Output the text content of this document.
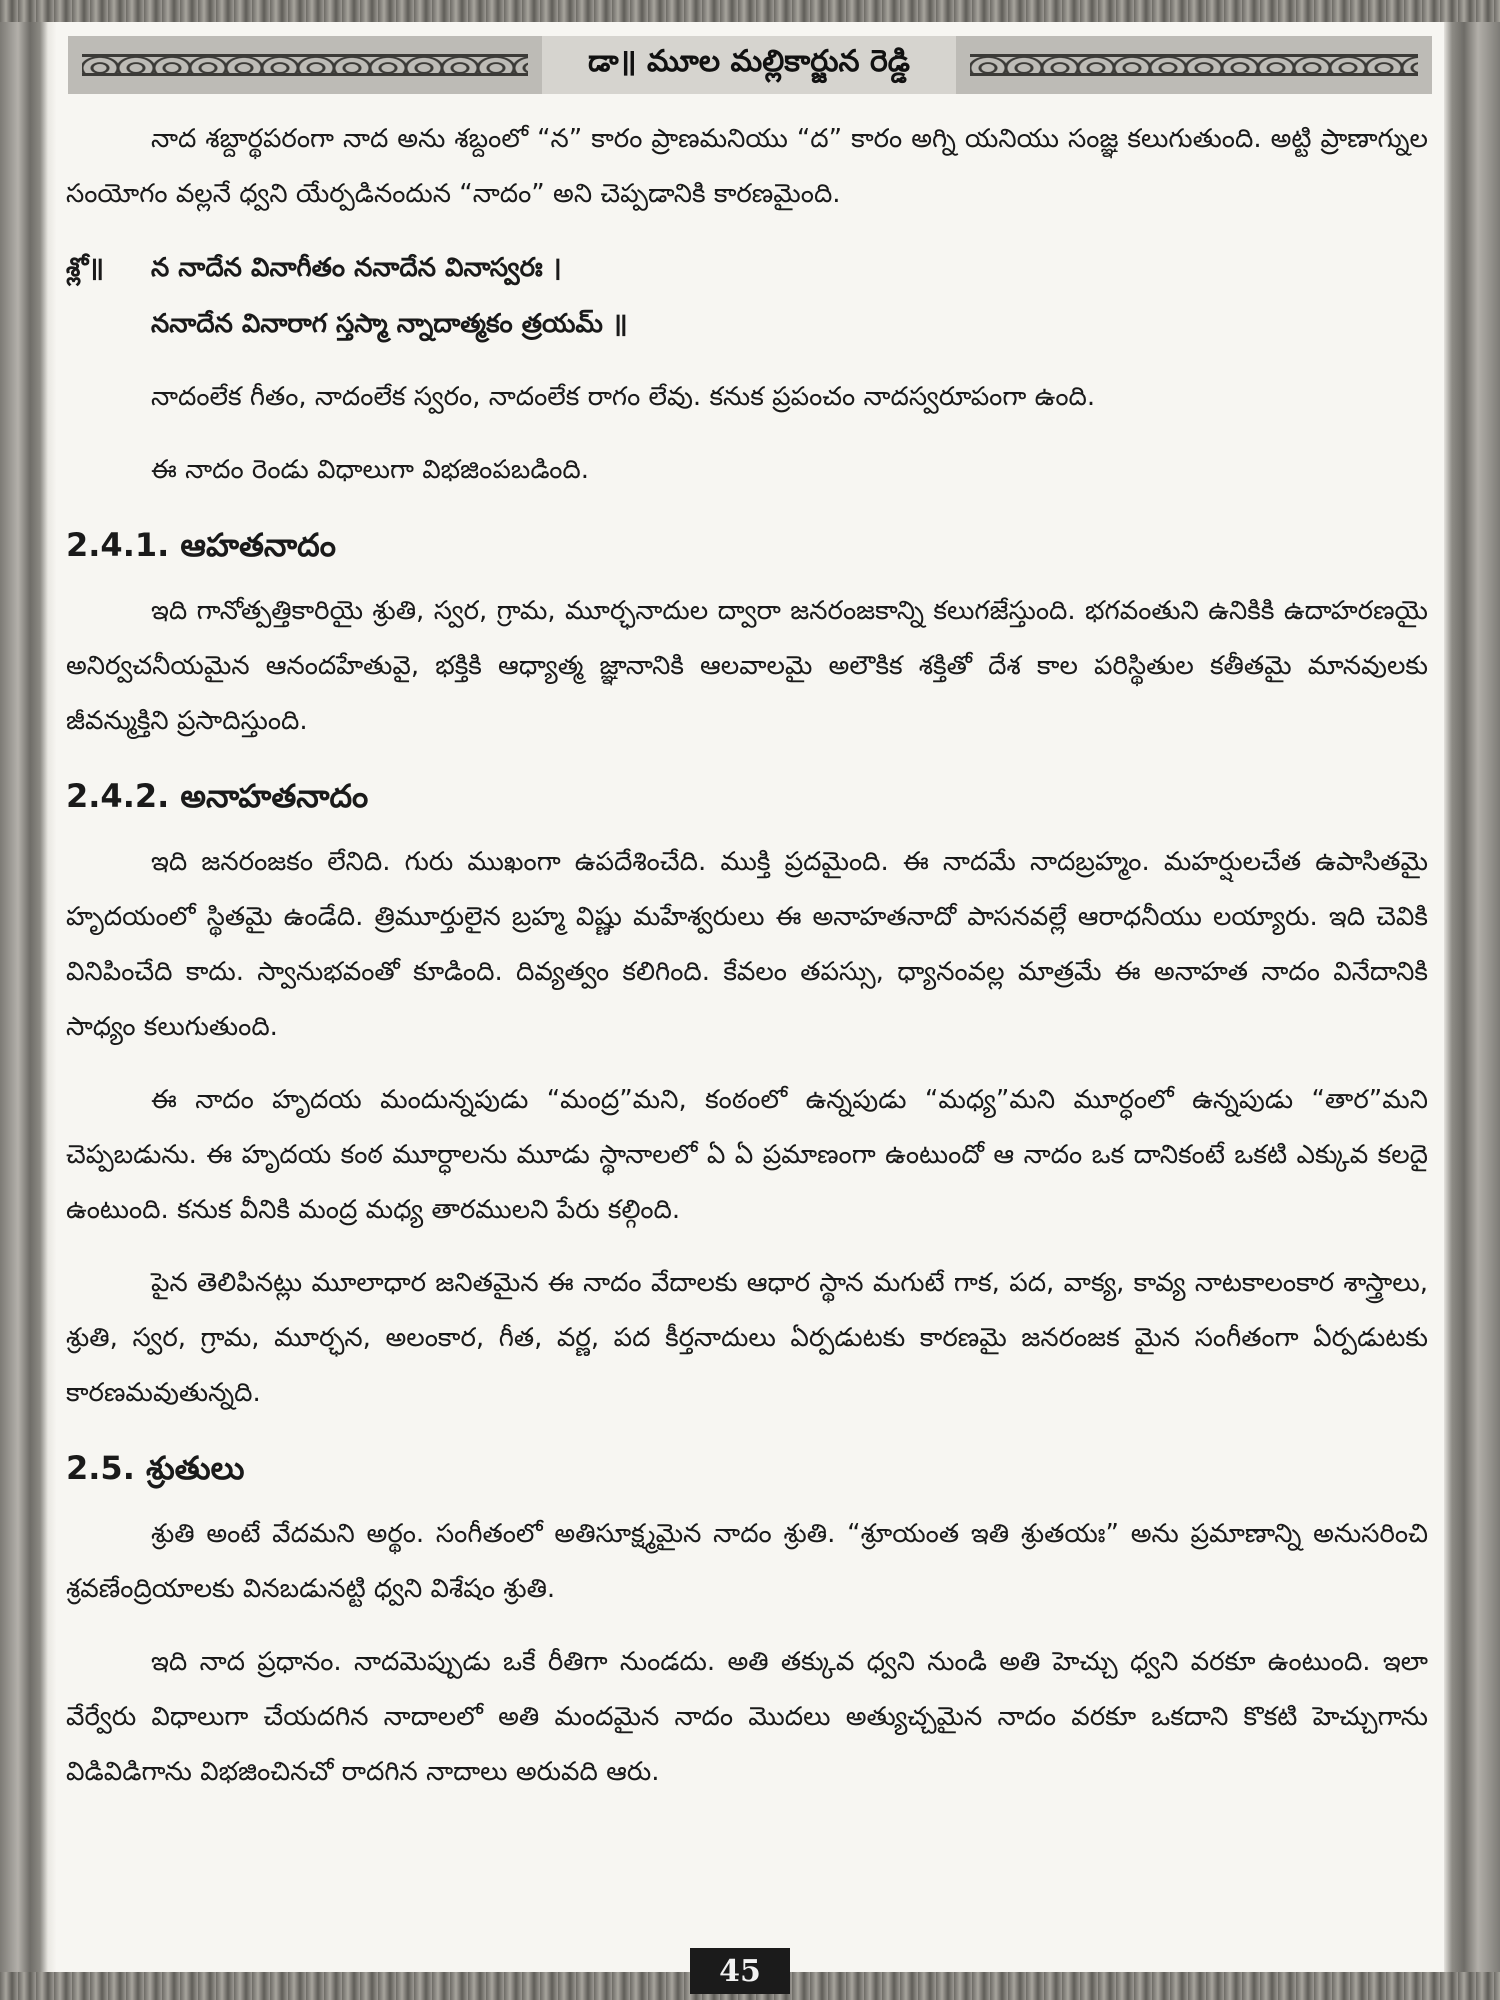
డా॥ మూల మల్లికార్జున రెడ్డి

నాద శబ్దార్థపరంగా నాద అను శబ్దంలో “న” కారం ప్రాణమనియు “ద” కారం అగ్ని యనియు సంజ్ఞ కలుగుతుంది. అట్టి ప్రాణాగ్నుల సంయోగం వల్లనే ధ్వని యేర్పడినందున “నాదం” అని చెప్పడానికి కారణమైంది.

శ్లో॥ న నాదేన వినాగీతం ననాదేన వినాస్వరః ।
ననాదేన వినారాగ స్తస్మా న్నాదాత్మకం త్రయమ్ ॥

నాదంలేక గీతం, నాదంలేక స్వరం, నాదంలేక రాగం లేవు. కనుక ప్రపంచం నాదస్వరూపంగా ఉంది.

ఈ నాదం రెండు విధాలుగా విభజింపబడింది.

2.4.1. ఆహతనాదం

ఇది గానోత్పత్తికారియై శ్రుతి, స్వర, గ్రామ, మూర్ఛనాదుల ద్వారా జనరంజకాన్ని కలుగజేస్తుంది. భగవంతుని ఉనికికి ఉదాహరణయై అనిర్వచనీయమైన ఆనందహేతువై, భక్తికి ఆధ్యాత్మ జ్ఞానానికి ఆలవాలమై అలౌకిక శక్తితో దేశ కాల పరిస్థితుల కతీతమై మానవులకు జీవన్ముక్తిని ప్రసాదిస్తుంది.

2.4.2. అనాహతనాదం

ఇది జనరంజకం లేనిది. గురు ముఖంగా ఉపదేశించేది. ముక్తి ప్రదమైంది. ఈ నాదమే నాదబ్రహ్మం. మహర్షులచేత ఉపాసితమై హృదయంలో స్థితమై ఉండేది. త్రిమూర్తులైన బ్రహ్మ విష్ణు మహేశ్వరులు ఈ అనాహతనాదో పాసనవల్లే ఆరాధనీయు లయ్యారు. ఇది చెవికి వినిపించేది కాదు. స్వానుభవంతో కూడింది. దివ్యత్వం కలిగింది. కేవలం తపస్సు, ధ్యానంవల్ల మాత్రమే ఈ అనాహత నాదం వినేదానికి సాధ్యం కలుగుతుంది.

ఈ నాదం హృదయ మందున్నపుడు “మంద్ర”మని, కంఠంలో ఉన్నపుడు “మధ్య”మని మూర్ధంలో ఉన్నపుడు “తార”మని చెప్పబడును. ఈ హృదయ కంఠ మూర్ధాలను మూడు స్థానాలలో ఏ ఏ ప్రమాణంగా ఉంటుందో ఆ నాదం ఒక దానికంటే ఒకటి ఎక్కువ కలదై ఉంటుంది. కనుక వీనికి మంద్ర మధ్య తారములని పేరు కల్గింది.

పైన తెలిపినట్లు మూలాధార జనితమైన ఈ నాదం వేదాలకు ఆధార స్థాన మగుటే గాక, పద, వాక్య, కావ్య నాటకాలంకార శాస్త్రాలు, శ్రుతి, స్వర, గ్రామ, మూర్ఛన, అలంకార, గీత, వర్ణ, పద కీర్తనాదులు ఏర్పడుటకు కారణమై జనరంజక మైన సంగీతంగా ఏర్పడుటకు కారణమవుతున్నది.

2.5. శ్రుతులు

శ్రుతి అంటే వేదమని అర్థం. సంగీతంలో అతిసూక్ష్మమైన నాదం శ్రుతి. “శ్రూయంత ఇతి శ్రుతయః” అను ప్రమాణాన్ని అనుసరించి శ్రవణేంద్రియాలకు వినబడునట్టి ధ్వని విశేషం శ్రుతి.

ఇది నాద ప్రధానం. నాదమెప్పుడు ఒకే రీతిగా నుండదు. అతి తక్కువ ధ్వని నుండి అతి హెచ్చు ధ్వని వరకూ ఉంటుంది. ఇలా వేర్వేరు విధాలుగా చేయదగిన నాదాలలో అతి మందమైన నాదం మొదలు అత్యుచ్చమైన నాదం వరకూ ఒకదాని కొకటి హెచ్చుగాను విడివిడిగాను విభజించినచో రాదగిన నాదాలు అరువది ఆరు.

45
